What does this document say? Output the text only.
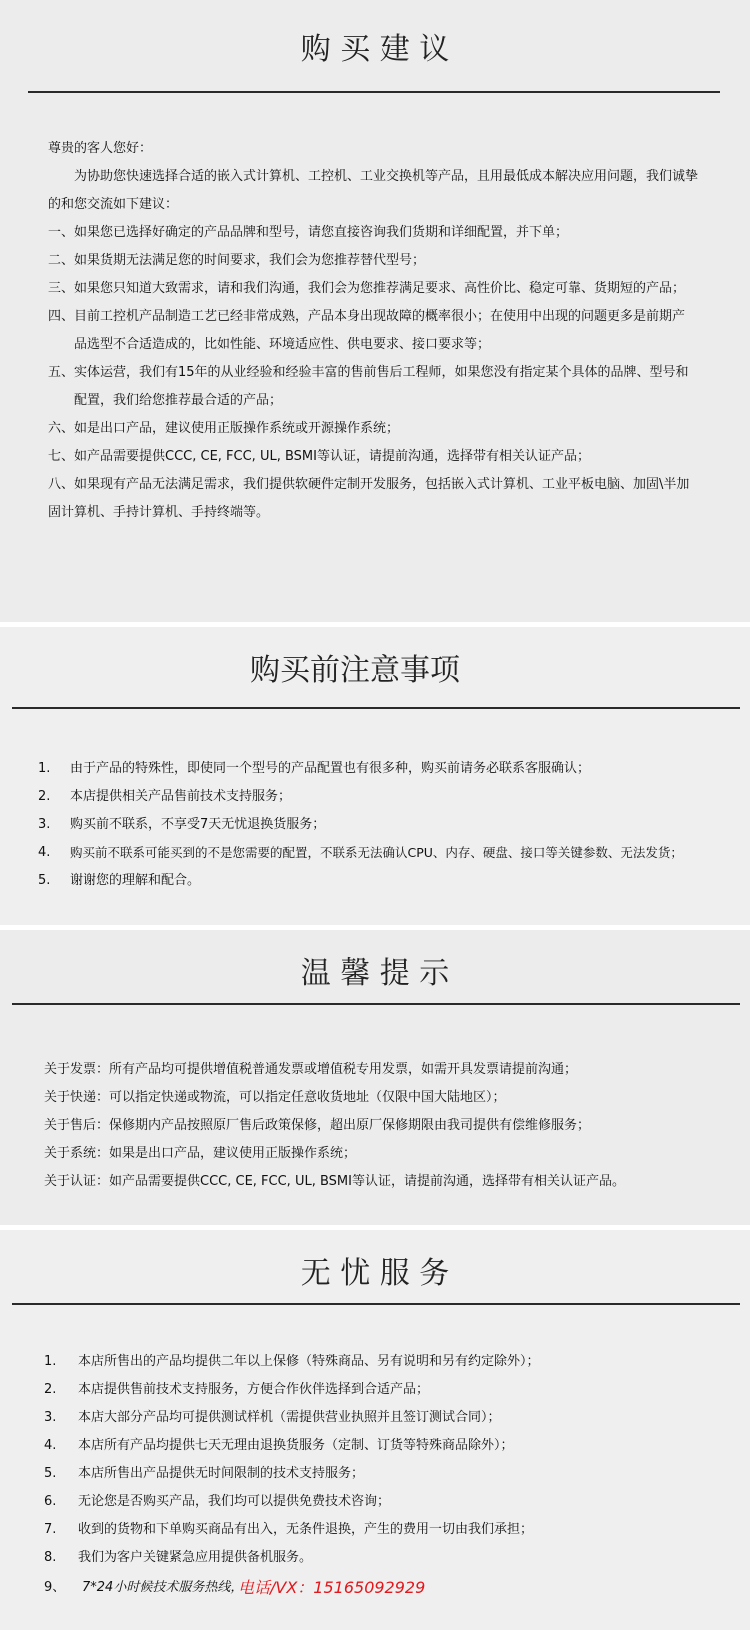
购 买 建 议
尊贵的客人您好：
为协助您快速选择合适的嵌入式计算机、工控机、工业交换机等产品，且用最低成本解决应用问题，我们诚挚
的和您交流如下建议：
一、如果您已选择好确定的产品品牌和型号，请您直接咨询我们货期和详细配置，并下单；
二、如果货期无法满足您的时间要求，我们会为您推荐替代型号；
三、如果您只知道大致需求，请和我们沟通，我们会为您推荐满足要求、高性价比、稳定可靠、货期短的产品；
四、目前工控机产品制造工艺已经非常成熟，产品本身出现故障的概率很小；在使用中出现的问题更多是前期产
品选型不合适造成的，比如性能、环境适应性、供电要求、接口要求等；
五、实体运营，我们有15年的从业经验和经验丰富的售前售后工程师，如果您没有指定某个具体的品牌、型号和
配置，我们给您推荐最合适的产品；
六、如是出口产品，建议使用正版操作系统或开源操作系统；
七、如产品需要提供CCC, CE, FCC, UL, BSMI等认证，请提前沟通，选择带有相关认证产品；
八、如果现有产品无法满足需求，我们提供软硬件定制开发服务，包括嵌入式计算机、工业平板电脑、加固\半加
固计算机、手持计算机、手持终端等。
购买前注意事项
1. 由于产品的特殊性，即使同一个型号的产品配置也有很多种，购买前请务必联系客服确认；
2. 本店提供相关产品售前技术支持服务；
3. 购买前不联系，不享受7天无忧退换货服务；
4. 购买前不联系可能买到的不是您需要的配置，不联系无法确认CPU、内存、硬盘、接口等关键参数、无法发货；
5. 谢谢您的理解和配合。
温 馨 提 示
关于发票：所有产品均可提供增值税普通发票或增值税专用发票，如需开具发票请提前沟通；
关于快递：可以指定快递或物流，可以指定任意收货地址（仅限中国大陆地区）；
关于售后：保修期内产品按照原厂售后政策保修，超出原厂保修期限由我司提供有偿维修服务；
关于系统：如果是出口产品，建议使用正版操作系统；
关于认证：如产品需要提供CCC, CE, FCC, UL, BSMI等认证，请提前沟通，选择带有相关认证产品。
无 忧 服 务
1. 本店所售出的产品均提供二年以上保修（特殊商品、另有说明和另有约定除外）；
2. 本店提供售前技术支持服务，方便合作伙伴选择到合适产品；
3. 本店大部分产品均可提供测试样机（需提供营业执照并且签订测试合同）；
4. 本店所有产品均提供七天无理由退换货服务（定制、订货等特殊商品除外）；
5. 本店所售出产品提供无时间限制的技术支持服务；
6. 无论您是否购买产品，我们均可以提供免费技术咨询；
7. 收到的货物和下单购买商品有出入，无条件退换，产生的费用一切由我们承担；
8. 我们为客户关键紧急应用提供备机服务。
9、 7*24小时候技术服务热线，
电话/VX：15165092929
